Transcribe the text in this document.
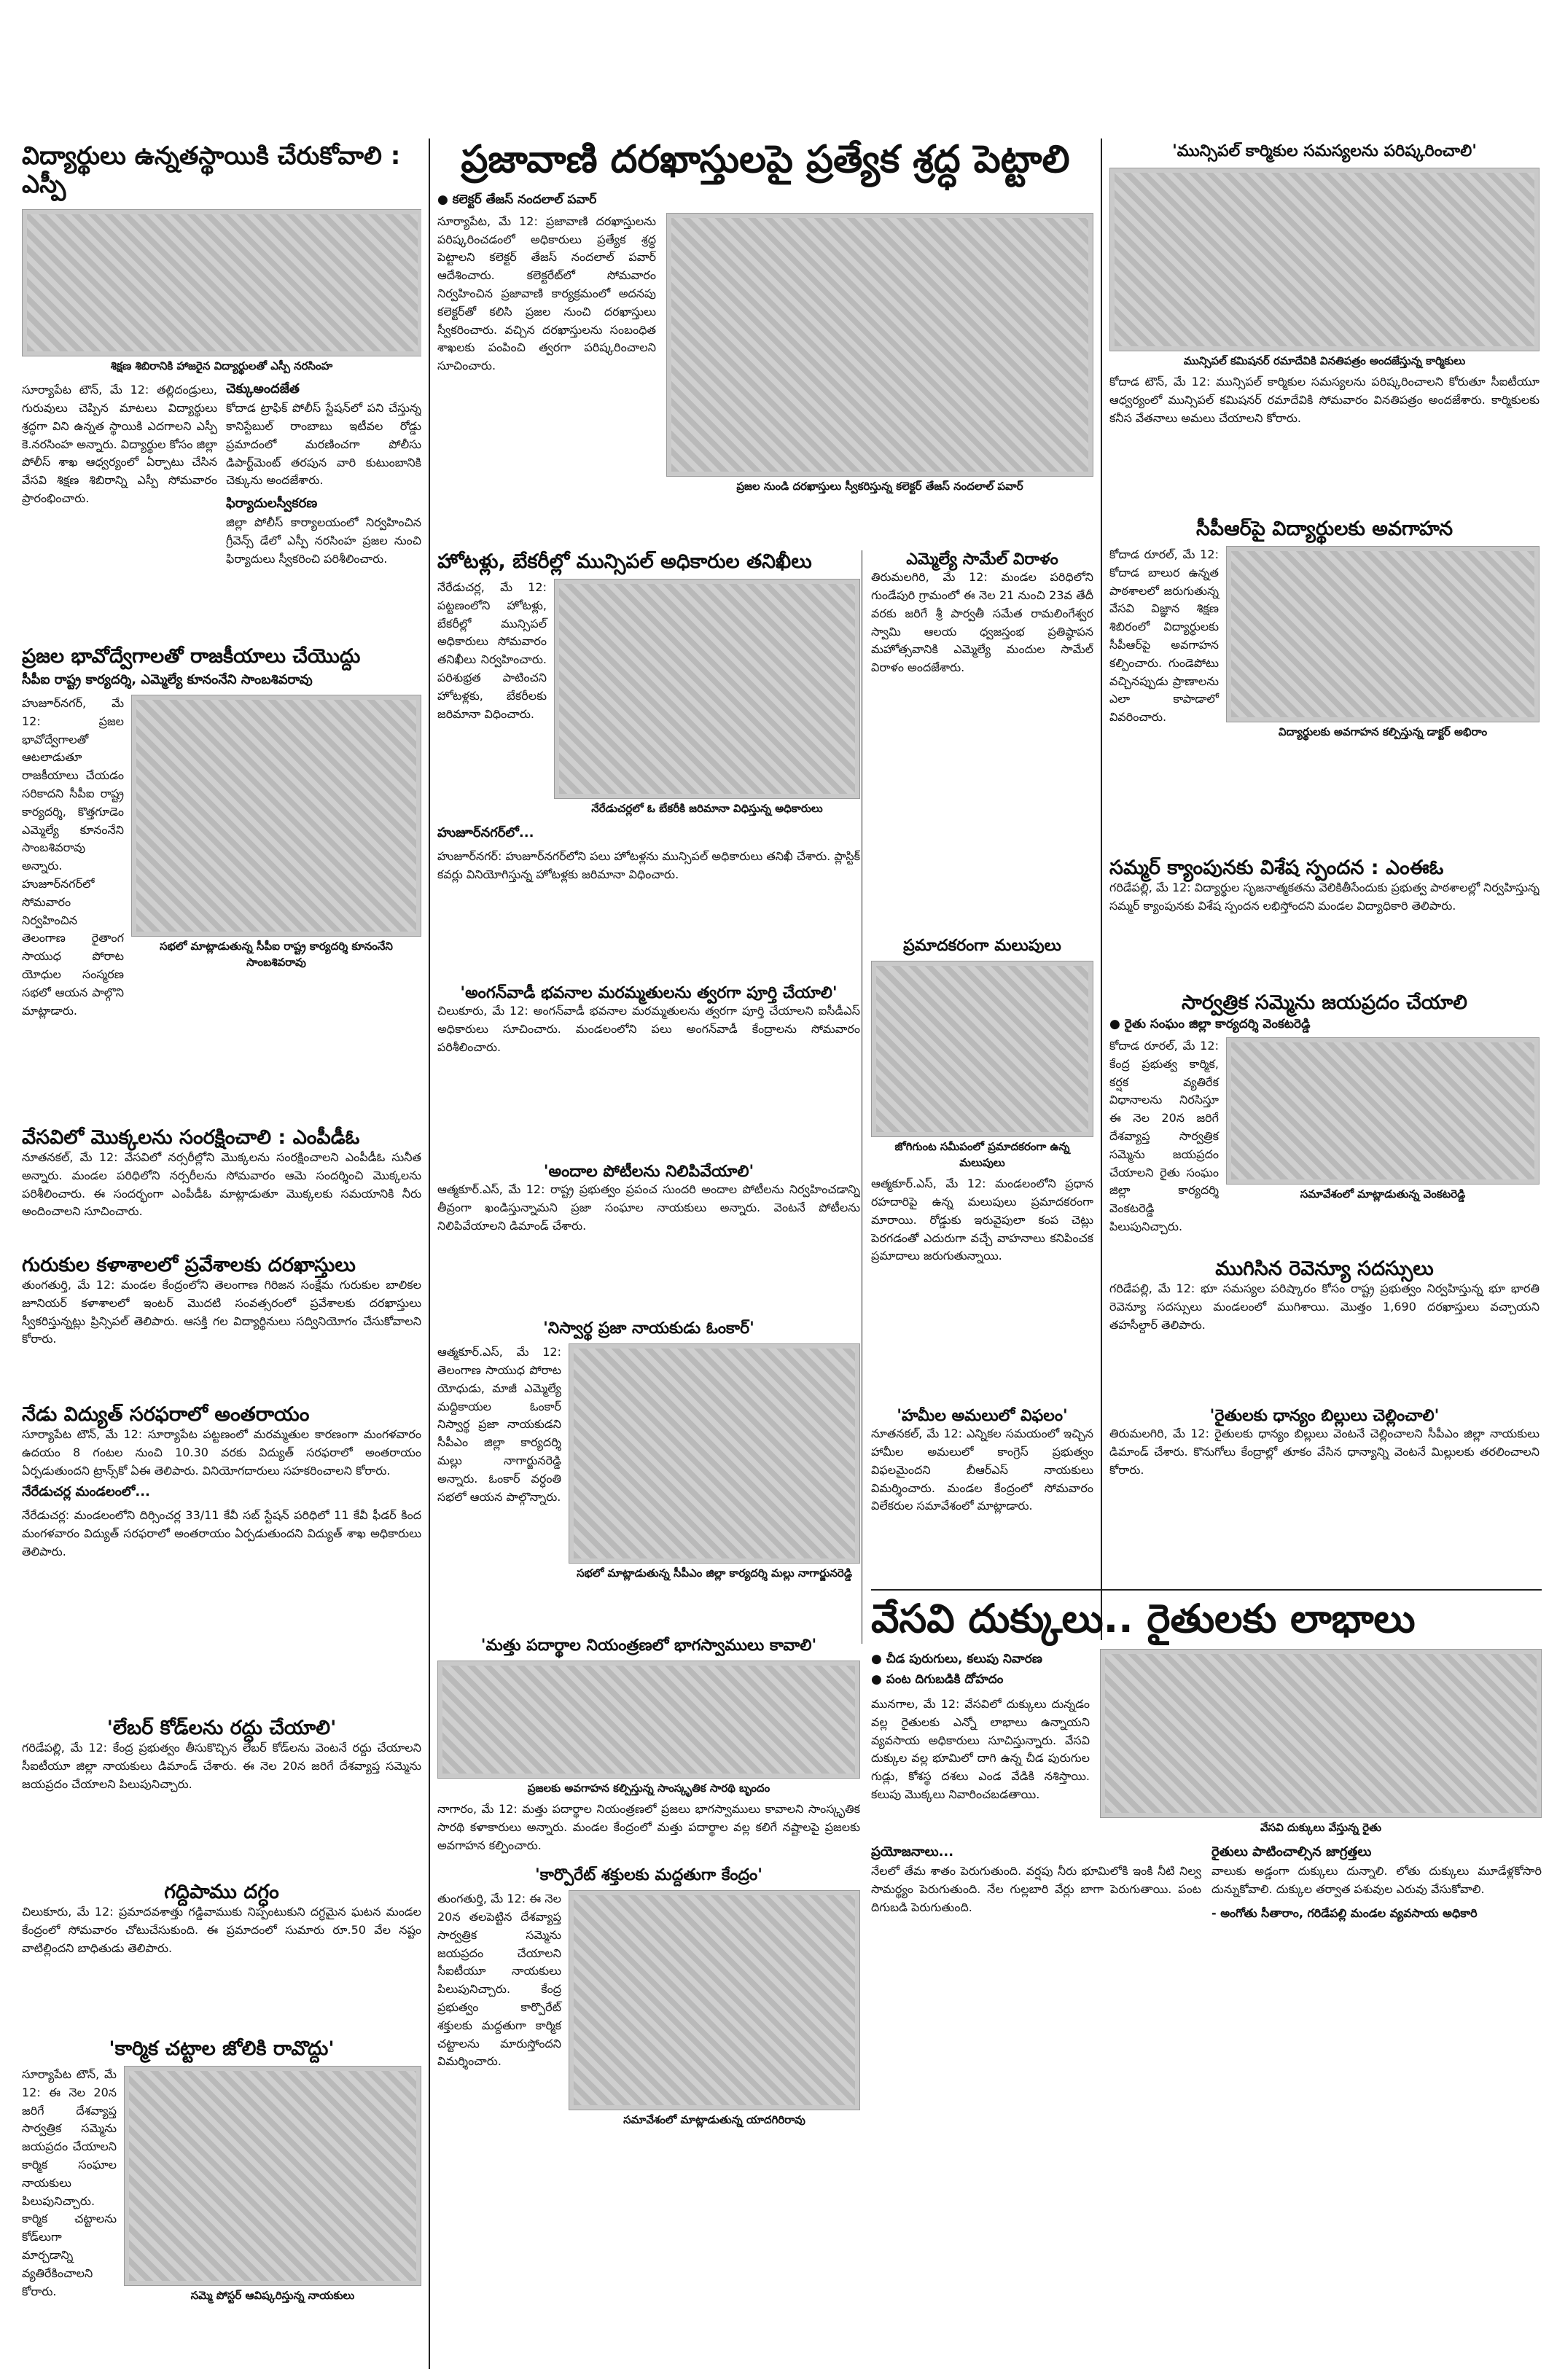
విద్యార్థులు ఉన్నతస్థాయికి చేరుకోవాలి : ఎస్పీ

శిక్షణ శిబిరానికి హాజరైన విద్యార్థులతో ఎస్పీ నరసింహ

సూర్యాపేట టౌన్, మే 12: తల్లిదండ్రులు, గురువులు చెప్పిన మాటలు విద్యార్థులు శ్రద్ధగా విని ఉన్నత స్థాయికి ఎదగాలని ఎస్పీ కె.నరసింహ అన్నారు. విద్యార్థుల కోసం జిల్లా పోలీస్ శాఖ ఆధ్వర్యంలో ఏర్పాటు చేసిన వేసవి శిక్షణ శిబిరాన్ని ఎస్పీ సోమవారం ప్రారంభించారు.

చెక్కుఅందజేత

కోదాడ ట్రాఫిక్ పోలీస్ స్టేషన్‌లో పని చేస్తున్న కానిస్టేబుల్ రాంబాబు ఇటీవల రోడ్డు ప్రమాదంలో మరణించగా పోలీసు డిపార్ట్‌మెంట్ తరపున వారి కుటుంబానికి చెక్కును అందజేశారు.

ఫిర్యాదులస్వీకరణ

జిల్లా పోలీస్ కార్యాలయంలో నిర్వహించిన గ్రీవెన్స్ డేలో ఎస్పీ నరసింహ ప్రజల నుంచి ఫిర్యాదులు స్వీకరించి పరిశీలించారు.

ప్రజల భావోద్వేగాలతో రాజకీయాలు చేయొద్దు
సీపీఐ రాష్ట్ర కార్యదర్శి, ఎమ్మెల్యే కూనంనేని సాంబశివరావు

హుజూర్‌నగర్, మే 12: ప్రజల భావోద్వేగాలతో ఆటలాడుతూ రాజకీయాలు చేయడం సరికాదని సీపీఐ రాష్ట్ర కార్యదర్శి, కొత్తగూడెం ఎమ్మెల్యే కూనంనేని సాంబశివరావు అన్నారు. హుజూర్‌నగర్‌లో సోమవారం నిర్వహించిన తెలంగాణ రైతాంగ సాయుధ పోరాట యోధుల సంస్మరణ సభలో ఆయన పాల్గొని మాట్లాడారు.

సభలో మాట్లాడుతున్న సీపీఐ రాష్ట్ర కార్యదర్శి కూనంనేని సాంబశివరావు

వేసవిలో మొక్కలను సంరక్షించాలి : ఎంపీడీఓ

నూతనకల్, మే 12: వేసవిలో నర్సరీల్లోని మొక్కలను సంరక్షించాలని ఎంపీడీఓ సునీత అన్నారు. మండల పరిధిలోని నర్సరీలను సోమవారం ఆమె సందర్శించి మొక్కలను పరిశీలించారు. ఈ సందర్భంగా ఎంపీడీఓ మాట్లాడుతూ మొక్కలకు సమయానికి నీరు అందించాలని సూచించారు.

గురుకుల కళాశాలలో ప్రవేశాలకు దరఖాస్తులు

తుంగతుర్తి, మే 12: మండల కేంద్రంలోని తెలంగాణ గిరిజన సంక్షేమ గురుకుల బాలికల జూనియర్ కళాశాలలో ఇంటర్ మొదటి సంవత్సరంలో ప్రవేశాలకు దరఖాస్తులు స్వీకరిస్తున్నట్లు ప్రిన్సిపల్ తెలిపారు. ఆసక్తి గల విద్యార్థినులు సద్వినియోగం చేసుకోవాలని కోరారు.

నేడు విద్యుత్ సరఫరాలో అంతరాయం

సూర్యాపేట టౌన్, మే 12: సూర్యాపేట పట్టణంలో మరమ్మతుల కారణంగా మంగళవారం ఉదయం 8 గంటల నుంచి 10.30 వరకు విద్యుత్ సరఫరాలో అంతరాయం ఏర్పడుతుందని ట్రాన్స్‌కో ఏఈ తెలిపారు. వినియోగదారులు సహకరించాలని కోరారు.

నేరేడుచర్ల మండలంలో...

నేరేడుచర్ల: మండలంలోని దిర్సించర్ల 33/11 కేవీ సబ్ స్టేషన్ పరిధిలో 11 కేవీ ఫీడర్ కింద మంగళవారం విద్యుత్ సరఫరాలో అంతరాయం ఏర్పడుతుందని విద్యుత్ శాఖ అధికారులు తెలిపారు.

'లేబర్ కోడ్‌లను రద్దు చేయాలి'

గరిడేపల్లి, మే 12: కేంద్ర ప్రభుత్వం తీసుకొచ్చిన లేబర్ కోడ్‌లను వెంటనే రద్దు చేయాలని సీఐటీయూ జిల్లా నాయకులు డిమాండ్ చేశారు. ఈ నెల 20న జరిగే దేశవ్యాప్త సమ్మెను జయప్రదం చేయాలని పిలుపునిచ్చారు.

గద్దిపాము దగ్ధం

చిలుకూరు, మే 12: ప్రమాదవశాత్తు గడ్డివాముకు నిప్పంటుకుని దగ్ధమైన ఘటన మండల కేంద్రంలో సోమవారం చోటుచేసుకుంది. ఈ ప్రమాదంలో సుమారు రూ.50 వేల నష్టం వాటిల్లిందని బాధితుడు తెలిపారు.

'కార్మిక చట్టాల జోలికి రావొద్దు'

సూర్యాపేట టౌన్, మే 12: ఈ నెల 20న జరిగే దేశవ్యాప్త సార్వత్రిక సమ్మెను జయప్రదం చేయాలని కార్మిక సంఘాల నాయకులు పిలుపునిచ్చారు. కార్మిక చట్టాలను కోడ్‌లుగా మార్చడాన్ని వ్యతిరేకించాలని కోరారు.	సమ్మె పోస్టర్ ఆవిష్కరిస్తున్న నాయకులు

ప్రజావాణి దరఖాస్తులపై ప్రత్యేక శ్రద్ధ పెట్టాలి
● కలెక్టర్ తేజస్ నందలాల్ పవార్

సూర్యాపేట, మే 12: ప్రజావాణి దరఖాస్తులను పరిష్కరించడంలో అధికారులు ప్రత్యేక శ్రద్ధ పెట్టాలని కలెక్టర్ తేజస్ నందలాల్ పవార్ ఆదేశించారు. కలెక్టరేట్‌లో సోమవారం నిర్వహించిన ప్రజావాణి కార్యక్రమంలో అదనపు కలెక్టర్‌తో కలిసి ప్రజల నుంచి దరఖాస్తులు స్వీకరించారు. వచ్చిన దరఖాస్తులను సంబంధిత శాఖలకు పంపించి త్వరగా పరిష్కరించాలని సూచించారు.

ప్రజల నుండి దరఖాస్తులు స్వీకరిస్తున్న కలెక్టర్ తేజస్ నందలాల్ పవార్

హోటళ్లు, బేకరీల్లో మున్సిపల్ అధికారుల తనిఖీలు

నేరేడుచర్ల, మే 12: పట్టణంలోని హోటళ్లు, బేకరీల్లో మున్సిపల్ అధికారులు సోమవారం తనిఖీలు నిర్వహించారు. పరిశుభ్రత పాటించని హోటళ్లకు, బేకరీలకు జరిమానా విధించారు.

నేరేడుచర్లలో ఓ బేకరీకి జరిమానా విధిస్తున్న అధికారులు

హుజూర్‌నగర్‌లో...

హుజూర్‌నగర్: హుజూర్‌నగర్‌లోని పలు హోటళ్లను మున్సిపల్ అధికారులు తనిఖీ చేశారు. ప్లాస్టిక్ కవర్లు వినియోగిస్తున్న హోటళ్లకు జరిమానా విధించారు.

'అంగన్‌వాడీ భవనాల మరమ్మతులను త్వరగా పూర్తి చేయాలి'

చిలుకూరు, మే 12: అంగన్‌వాడీ భవనాల మరమ్మతులను త్వరగా పూర్తి చేయాలని ఐసీడీఎస్ అధికారులు సూచించారు. మండలంలోని పలు అంగన్‌వాడీ కేంద్రాలను సోమవారం పరిశీలించారు.

'అందాల పోటీలను నిలిపివేయాలి'

ఆత్మకూర్.ఎస్, మే 12: రాష్ట్ర ప్రభుత్వం ప్రపంచ సుందరి అందాల పోటీలను నిర్వహించడాన్ని తీవ్రంగా ఖండిస్తున్నామని ప్రజా సంఘాల నాయకులు అన్నారు. వెంటనే పోటీలను నిలిపివేయాలని డిమాండ్ చేశారు.

'నిస్వార్థ ప్రజా నాయకుడు ఓంకార్'

ఆత్మకూర్.ఎస్, మే 12: తెలంగాణ సాయుధ పోరాట యోధుడు, మాజీ ఎమ్మెల్యే మద్దికాయల ఓంకార్ నిస్వార్థ ప్రజా నాయకుడని సీపీఎం జిల్లా కార్యదర్శి మల్లు నాగార్జునరెడ్డి అన్నారు. ఓంకార్ వర్ధంతి సభలో ఆయన పాల్గొన్నారు.

సభలో మాట్లాడుతున్న సీపీఎం జిల్లా కార్యదర్శి మల్లు నాగార్జునరెడ్డి

'మత్తు పదార్థాల నియంత్రణలో భాగస్వాములు కావాలి'

ప్రజలకు అవగాహన కల్పిస్తున్న సాంస్కృతిక సారథి బృందం

నాగారం, మే 12: మత్తు పదార్థాల నియంత్రణలో ప్రజలు భాగస్వాములు కావాలని సాంస్కృతిక సారథి కళాకారులు అన్నారు. మండల కేంద్రంలో మత్తు పదార్థాల వల్ల కలిగే నష్టాలపై ప్రజలకు అవగాహన కల్పించారు.

'కార్పొరేట్ శక్తులకు మద్దతుగా కేంద్రం'

తుంగతుర్తి, మే 12: ఈ నెల 20న తలపెట్టిన దేశవ్యాప్త సార్వత్రిక సమ్మెను జయప్రదం చేయాలని సీఐటీయూ నాయకులు పిలుపునిచ్చారు. కేంద్ర ప్రభుత్వం కార్పొరేట్ శక్తులకు మద్దతుగా కార్మిక చట్టాలను మారుస్తోందని విమర్శించారు.

సమావేశంలో మాట్లాడుతున్న యాదగిరిరావు

ఎమ్మెల్యే సామేల్ విరాళం

తిరుమలగిరి, మే 12: మండల పరిధిలోని గుండేపురి గ్రామంలో ఈ నెల 21 నుంచి 23వ తేదీ వరకు జరిగే శ్రీ పార్వతీ సమేత రామలింగేశ్వర స్వామి ఆలయ ధ్వజస్తంభ ప్రతిష్ఠాపన మహోత్సవానికి ఎమ్మెల్యే మందుల సామేల్ విరాళం అందజేశారు.

ప్రమాదకరంగా మలుపులు

జోగిగుంట సమీపంలో ప్రమాదకరంగా ఉన్న మలుపులు

ఆత్మకూర్.ఎస్, మే 12: మండలంలోని ప్రధాన రహదారిపై ఉన్న మలుపులు ప్రమాదకరంగా మారాయి. రోడ్డుకు ఇరువైపులా కంప చెట్లు పెరగడంతో ఎదురుగా వచ్చే వాహనాలు కనిపించక ప్రమాదాలు జరుగుతున్నాయి.

'హమీల అమలులో విఫలం'

నూతనకల్, మే 12: ఎన్నికల సమయంలో ఇచ్చిన హామీల అమలులో కాంగ్రెస్ ప్రభుత్వం విఫలమైందని బీఆర్ఎస్ నాయకులు విమర్శించారు. మండల కేంద్రంలో సోమవారం విలేకరుల సమావేశంలో మాట్లాడారు.

'మున్సిపల్ కార్మికుల సమస్యలను పరిష్కరించాలి'

మున్సిపల్ కమిషనర్ రమాదేవికి వినతిపత్రం అందజేస్తున్న కార్మికులు

కోదాడ టౌన్, మే 12: మున్సిపల్ కార్మికుల సమస్యలను పరిష్కరించాలని కోరుతూ సీఐటీయూ ఆధ్వర్యంలో మున్సిపల్ కమిషనర్ రమాదేవికి సోమవారం వినతిపత్రం అందజేశారు. కార్మికులకు కనీస వేతనాలు అమలు చేయాలని కోరారు.

సీపీఆర్‌పై విద్యార్థులకు అవగాహన

కోదాడ రూరల్, మే 12: కోదాడ బాలుర ఉన్నత పాఠశాలలో జరుగుతున్న వేసవి విజ్ఞాన శిక్షణ శిబిరంలో విద్యార్థులకు సీపీఆర్‌పై అవగాహన కల్పించారు. గుండెపోటు వచ్చినప్పుడు ప్రాణాలను ఎలా కాపాడాలో వివరించారు.

విద్యార్థులకు అవగాహన కల్పిస్తున్న డాక్టర్ అభిరాం

సమ్మర్ క్యాంపునకు విశేష స్పందన : ఎంఈఓ

గరిడేపల్లి, మే 12: విద్యార్థుల సృజనాత్మకతను వెలికితీసేందుకు ప్రభుత్వ పాఠశాలల్లో నిర్వహిస్తున్న సమ్మర్ క్యాంపునకు విశేష స్పందన లభిస్తోందని మండల విద్యాధికారి తెలిపారు.

సార్వత్రిక సమ్మెను జయప్రదం చేయాలి
● రైతు సంఘం జిల్లా కార్యదర్శి వెంకటరెడ్డి

కోదాడ రూరల్, మే 12: కేంద్ర ప్రభుత్వ కార్మిక, కర్షక వ్యతిరేక విధానాలను నిరసిస్తూ ఈ నెల 20న జరిగే దేశవ్యాప్త సార్వత్రిక సమ్మెను జయప్రదం చేయాలని రైతు సంఘం జిల్లా కార్యదర్శి వెంకటరెడ్డి పిలుపునిచ్చారు.

సమావేశంలో మాట్లాడుతున్న వెంకటరెడ్డి

ముగిసిన రెవెన్యూ సదస్సులు

గరిడేపల్లి, మే 12: భూ సమస్యల పరిష్కారం కోసం రాష్ట్ర ప్రభుత్వం నిర్వహిస్తున్న భూ భారతి రెవెన్యూ సదస్సులు మండలంలో ముగిశాయి. మొత్తం 1,690 దరఖాస్తులు వచ్చాయని తహసీల్దార్ తెలిపారు.

'రైతులకు ధాన్యం బిల్లులు చెల్లించాలి'

తిరుమలగిరి, మే 12: రైతులకు ధాన్యం బిల్లులు వెంటనే చెల్లించాలని సీపీఎం జిల్లా నాయకులు డిమాండ్ చేశారు. కొనుగోలు కేంద్రాల్లో తూకం వేసిన ధాన్యాన్ని వెంటనే మిల్లులకు తరలించాలని కోరారు.

వేసవి దుక్కులు.. రైతులకు లాభాలు
● చీడ పురుగులు, కలుపు నివారణ
● పంట దిగుబడికి దోహదం

మునగాల, మే 12: వేసవిలో దుక్కులు దున్నడం వల్ల రైతులకు ఎన్నో లాభాలు ఉన్నాయని వ్యవసాయ అధికారులు సూచిస్తున్నారు. వేసవి దుక్కుల వల్ల భూమిలో దాగి ఉన్న చీడ పురుగుల గుడ్లు, కోశస్థ దశలు ఎండ వేడికి నశిస్తాయి. కలుపు మొక్కలు నివారించబడతాయి.

వేసవి దుక్కులు వేస్తున్న రైతు

ప్రయోజనాలు...

నేలలో తేమ శాతం పెరుగుతుంది. వర్షపు నీరు భూమిలోకి ఇంకి నీటి నిల్వ సామర్థ్యం పెరుగుతుంది. నేల గుల్లబారి వేర్లు బాగా పెరుగుతాయి. పంట దిగుబడి పెరుగుతుంది.

రైతులు పాటించాల్సిన జాగ్రత్తలు

వాలుకు అడ్డంగా దుక్కులు దున్నాలి. లోతు దుక్కులు మూడేళ్లకోసారి దున్నుకోవాలి. దుక్కుల తర్వాత పశువుల ఎరువు వేసుకోవాలి.

- అంగోతు సీతారాం, గరిడేపల్లి మండల వ్యవసాయ అధికారి
